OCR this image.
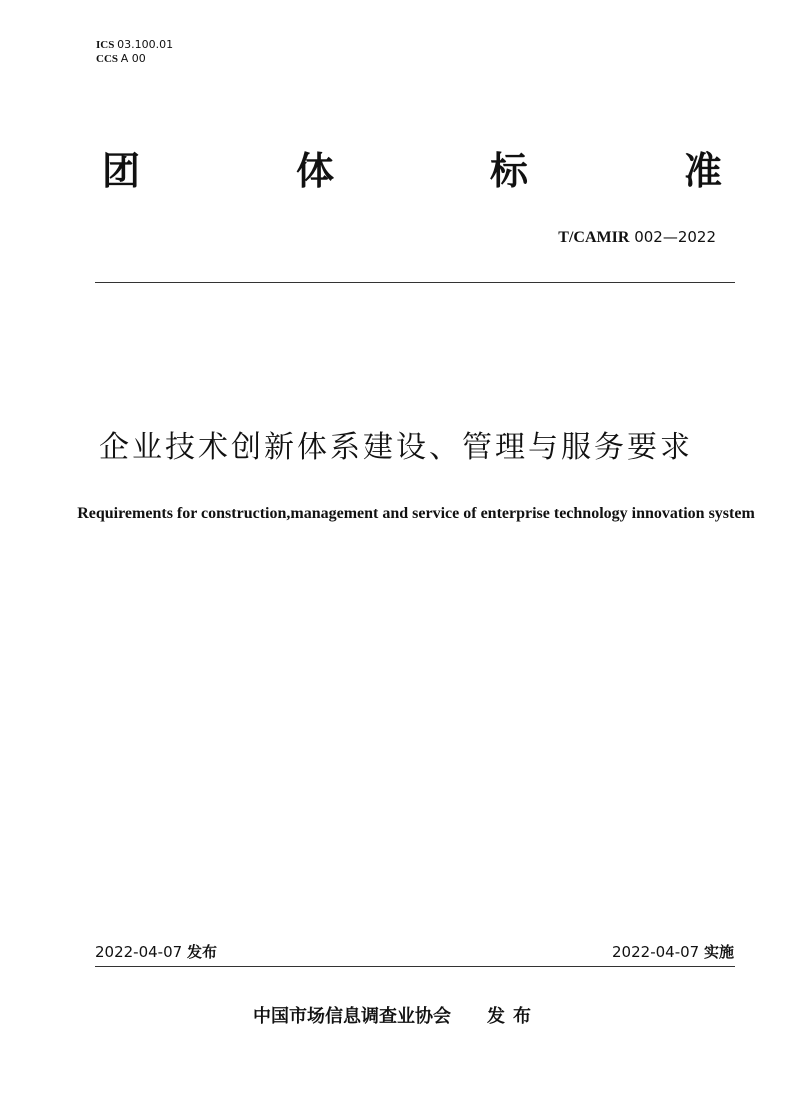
ICS 03.100.01
CCS A 00
团	体	标	准
T/CAMIR 002—2022
企业技术创新体系建设、管理与服务要求
Requirements for construction,management and service of enterprise technology innovation system
2022-04-07 发布	2022-04-07 实施
中国市场信息调查业协会 发布
